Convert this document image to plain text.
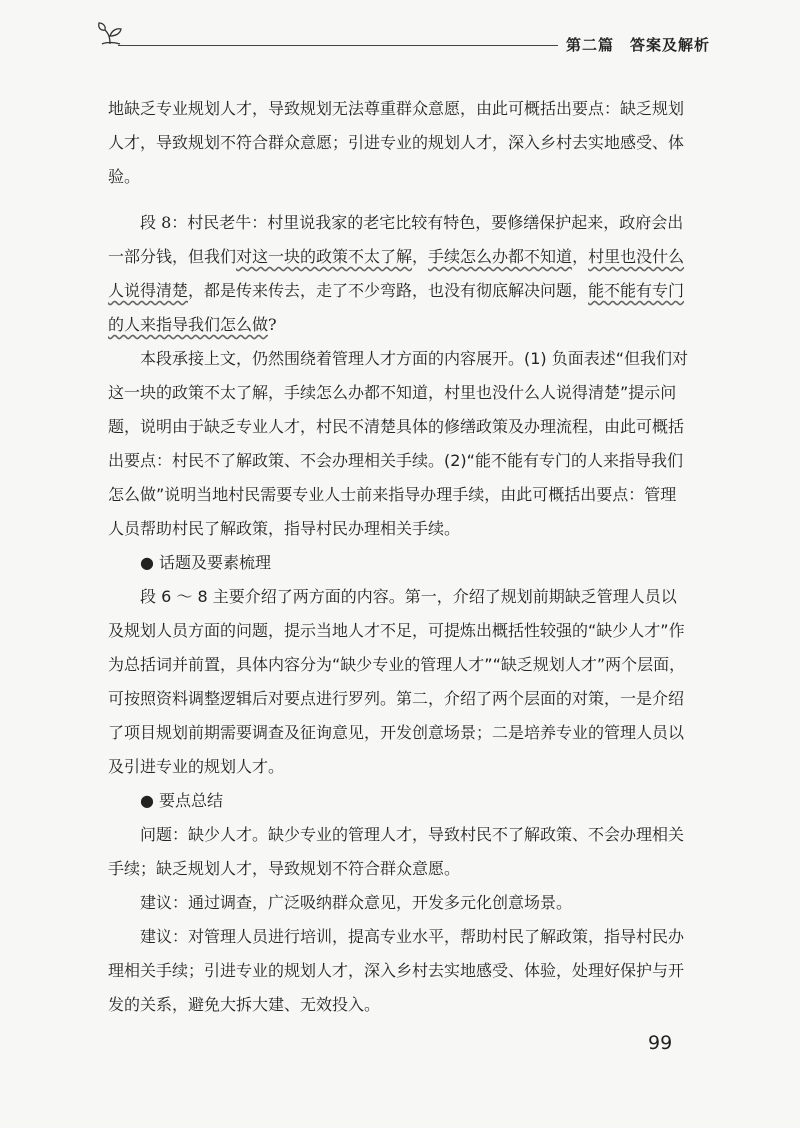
第二篇　答案及解析

地缺乏专业规划人才，导致规划无法尊重群众意愿，由此可概括出要点：缺乏规划人才，导致规划不符合群众意愿；引进专业的规划人才，深入乡村去实地感受、体验。

段 8：村民老牛：村里说我家的老宅比较有特色，要修缮保护起来，政府会出一部分钱，但我们对这一块的政策不太了解，手续怎么办都不知道，村里也没什么人说得清楚，都是传来传去，走了不少弯路，也没有彻底解决问题，能不能有专门的人来指导我们怎么做?

本段承接上文，仍然围绕着管理人才方面的内容展开。(1) 负面表述“但我们对这一块的政策不太了解，手续怎么办都不知道，村里也没什么人说得清楚”提示问题，说明由于缺乏专业人才，村民不清楚具体的修缮政策及办理流程，由此可概括出要点：村民不了解政策、不会办理相关手续。(2)“能不能有专门的人来指导我们怎么做”说明当地村民需要专业人士前来指导办理手续，由此可概括出要点：管理人员帮助村民了解政策，指导村民办理相关手续。

● 话题及要素梳理

段 6 ～ 8 主要介绍了两方面的内容。第一，介绍了规划前期缺乏管理人员以及规划人员方面的问题，提示当地人才不足，可提炼出概括性较强的“缺少人才”作为总括词并前置，具体内容分为“缺少专业的管理人才”“缺乏规划人才”两个层面，可按照资料调整逻辑后对要点进行罗列。第二，介绍了两个层面的对策，一是介绍了项目规划前期需要调查及征询意见，开发创意场景；二是培养专业的管理人员以及引进专业的规划人才。

● 要点总结

问题：缺少人才。缺少专业的管理人才，导致村民不了解政策、不会办理相关手续；缺乏规划人才，导致规划不符合群众意愿。

建议：通过调查，广泛吸纳群众意见，开发多元化创意场景。

建议：对管理人员进行培训，提高专业水平，帮助村民了解政策，指导村民办理相关手续；引进专业的规划人才，深入乡村去实地感受、体验，处理好保护与开发的关系，避免大拆大建、无效投入。

99
